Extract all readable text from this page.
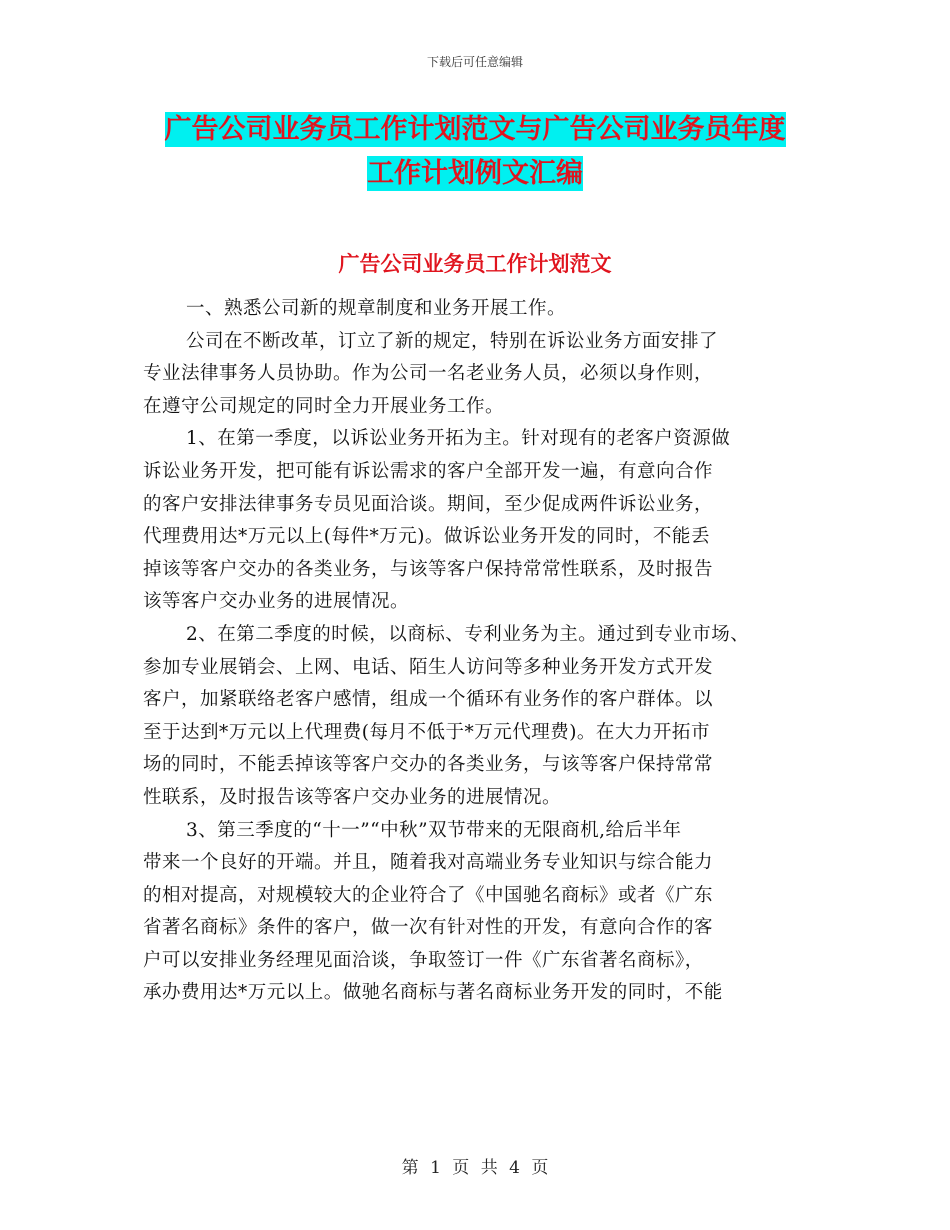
下载后可任意编辑
广告公司业务员工作计划范文与广告公司业务员年度
工作计划例文汇编
广告公司业务员工作计划范文
一、熟悉公司新的规章制度和业务开展工作。
公司在不断改革，订立了新的规定，特别在诉讼业务方面安排了
专业法律事务人员协助。作为公司一名老业务人员，必须以身作则，
在遵守公司规定的同时全力开展业务工作。
1、在第一季度，以诉讼业务开拓为主。针对现有的老客户资源做
诉讼业务开发，把可能有诉讼需求的客户全部开发一遍，有意向合作
的客户安排法律事务专员见面洽谈。期间，至少促成两件诉讼业务，
代理费用达*万元以上(每件*万元)。做诉讼业务开发的同时，不能丢
掉该等客户交办的各类业务，与该等客户保持常常性联系，及时报告
该等客户交办业务的进展情况。
2、在第二季度的时候，以商标、专利业务为主。通过到专业市场、
参加专业展销会、上网、电话、陌生人访问等多种业务开发方式开发
客户，加紧联络老客户感情，组成一个循环有业务作的客户群体。以
至于达到*万元以上代理费(每月不低于*万元代理费)。在大力开拓市
场的同时，不能丢掉该等客户交办的各类业务，与该等客户保持常常
性联系，及时报告该等客户交办业务的进展情况。
3、第三季度的“十一”“中秋”双节带来的无限商机,给后半年
带来一个良好的开端。并且，随着我对高端业务专业知识与综合能力
的相对提高，对规模较大的企业符合了《中国驰名商标》或者《广东
省著名商标》条件的客户，做一次有针对性的开发，有意向合作的客
户可以安排业务经理见面洽谈，争取签订一件《广东省著名商标》，
承办费用达*万元以上。做驰名商标与著名商标业务开发的同时，不能
第 1 页 共 4 页
